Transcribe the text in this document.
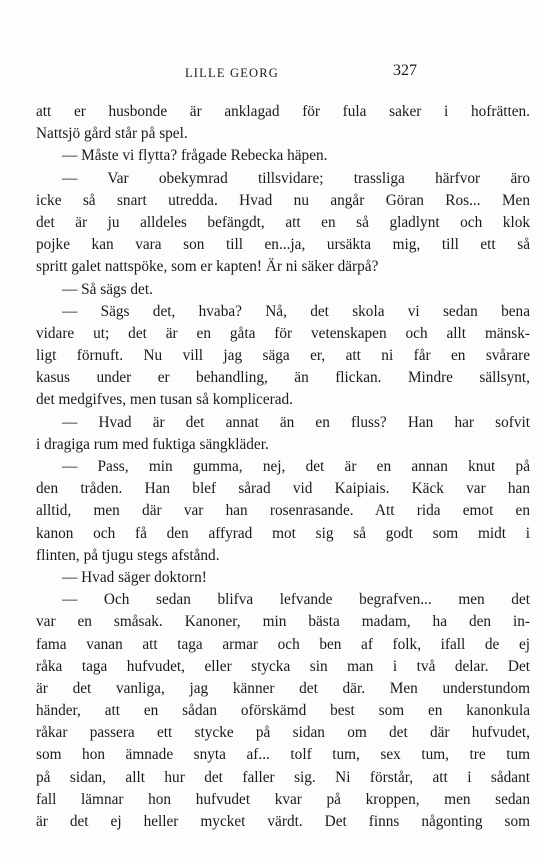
LILLE GEORG	327
att er husbonde är anklagad för fula saker i hofrätten.
Nattsjö gård står på spel.
— Måste vi flytta? frågade Rebecka häpen.
— Var obekymrad tillsvidare; trassliga härfvor äro
icke så snart utredda. Hvad nu angår Göran Ros... Men
det är ju alldeles befängdt, att en så gladlynt och klok
pojke kan vara son till en...ja, ursäkta mig, till ett så
spritt galet nattspöke, som er kapten! Är ni säker därpå?
— Så sägs det.
— Sägs det, hvaba? Nå, det skola vi sedan bena
vidare ut; det är en gåta för vetenskapen och allt mänsk-
ligt förnuft. Nu vill jag säga er, att ni får en svårare
kasus under er behandling, än flickan. Mindre sällsynt,
det medgifves, men tusan så komplicerad.
— Hvad är det annat än en fluss? Han har sofvit
i dragiga rum med fuktiga sängkläder.
— Pass, min gumma, nej, det är en annan knut på
den tråden. Han blef sårad vid Kaipiais. Käck var han
alltid, men där var han rosenrasande. Att rida emot en
kanon och få den affyrad mot sig så godt som midt i
flinten, på tjugu stegs afstånd.
— Hvad säger doktorn!
— Och sedan blifva lefvande begrafven... men det
var en småsak. Kanoner, min bästa madam, ha den in-
fama vanan att taga armar och ben af folk, ifall de ej
råka taga hufvudet, eller stycka sin man i två delar. Det
är det vanliga, jag känner det där. Men understundom
händer, att en sådan oförskämd best som en kanonkula
råkar passera ett stycke på sidan om det där hufvudet,
som hon ämnade snyta af... tolf tum, sex tum, tre tum
på sidan, allt hur det faller sig. Ni förstår, att i sådant
fall lämnar hon hufvudet kvar på kroppen, men sedan
är det ej heller mycket värdt. Det finns någonting som
